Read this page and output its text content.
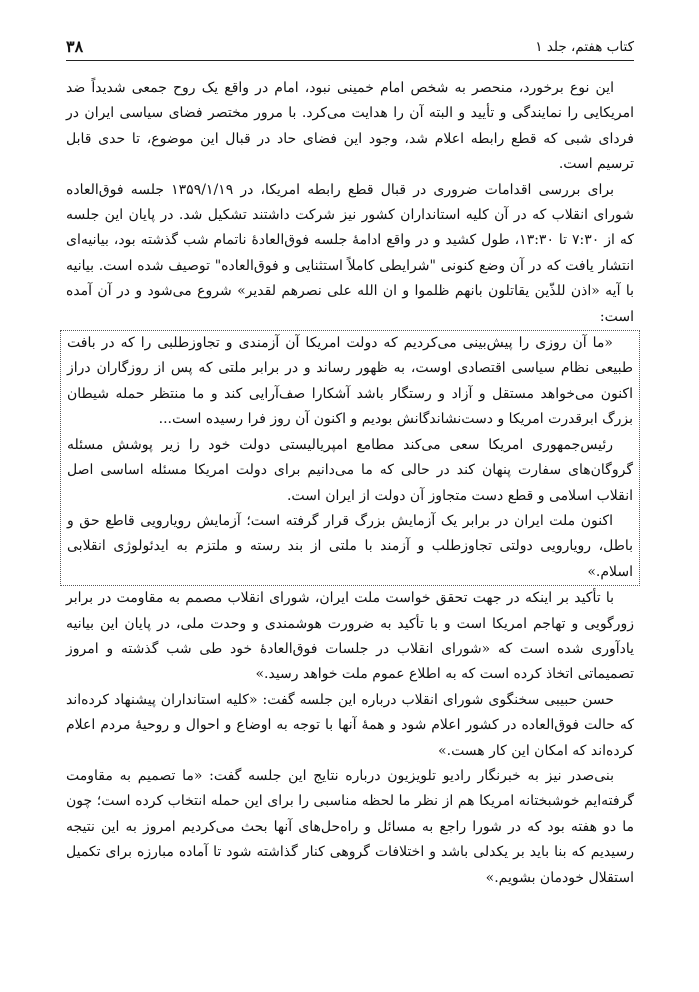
کتاب هفتم، جلد ۱
۳۸

این نوع برخورد، منحصر به شخص امام خمینی نبود، امام در واقع یک روح جمعی شدیداً ضد امریکایی را نمایندگی و تأیید و البته آن را هدایت می‌کرد. با مرور مختصر فضای سیاسی ایران در فردای شبی که قطع رابطه اعلام شد، وجود این فضای حاد در قبال این موضوع، تا حدی قابل ترسیم است.

برای بررسی اقدامات ضروری در قبال قطع رابطه امریکا، در ۱۳۵۹/۱/۱۹ جلسه فوق‌العاده شورای انقلاب که در آن کلیه استانداران کشور نیز شرکت داشتند تشکیل شد. در پایان این جلسه که از ۷:۳۰ تا ۱۳:۳۰، طول کشید و در واقع ادامهٔ جلسه فوق‌العادهٔ ناتمام شب گذشته بود، بیانیه‌ای انتشار یافت که در آن وضع کنونی "شرایطی کاملاً استثنایی و فوق‌العاده" توصیف شده است. بیانیه با آیه «اذن للذّین یقاتلون بانهم ظلموا و ان الله علی نصرهم لقدیر» شروع می‌شود و در آن آمده است:

«ما آن روزی را پیش‌بینی می‌کردیم که دولت امریکا آن آزمندی و تجاوزطلبی را که در بافت طبیعی نظام سیاسی اقتصادی اوست، به ظهور رساند و در برابر ملتی که پس از روزگاران دراز اکنون می‌خواهد مستقل و آزاد و رستگار باشد آشکارا صف‌آرایی کند و ما منتظر حمله شیطان بزرگ ابرقدرت امریکا و دست‌نشاندگانش بودیم و اکنون آن روز فرا رسیده است...

رئیس‌جمهوری امریکا سعی می‌کند مطامع امپریالیستی دولت خود را زیر پوشش مسئله گروگان‌های سفارت پنهان کند در حالی که ما می‌دانیم برای دولت امریکا مسئله اساسی اصل انقلاب اسلامی و قطع دست متجاوز آن دولت از ایران است.

اکنون ملت ایران در برابر یک آزمایش بزرگ قرار گرفته است؛ آزمایش رویارویی قاطع حق و باطل، رویارویی دولتی تجاوزطلب و آزمند با ملتی از بند رسته و ملتزم به ایدئولوژی انقلابی اسلام.»

با تأکید بر اینکه در جهت تحقق خواست ملت ایران، شورای انقلاب مصمم به مقاومت در برابر زورگویی و تهاجم امریکا است و با تأکید به ضرورت هوشمندی و وحدت ملی، در پایان این بیانیه یادآوری شده است که «شورای انقلاب در جلسات فوق‌العادهٔ خود طی شب گذشته و امروز تصمیماتی اتخاذ کرده است که به اطلاع عموم ملت خواهد رسید.»

حسن حبیبی سخنگوی شورای انقلاب درباره این جلسه گفت: «کلیه استانداران پیشنهاد کرده‌اند که حالت فوق‌العاده در کشور اعلام شود و همهٔ آنها با توجه به اوضاع و احوال و روحیهٔ مردم اعلام کرده‌اند که امکان این کار هست.»

بنی‌صدر نیز به خبرنگار رادیو تلویزیون درباره نتایج این جلسه گفت: «ما تصمیم به مقاومت گرفته‌ایم خوشبختانه امریکا هم از نظر ما لحظه مناسبی را برای این حمله انتخاب کرده است؛ چون ما دو هفته بود که در شورا راجع به مسائل و راه‌حل‌های آنها بحث می‌کردیم امروز به این نتیجه رسیدیم که بنا باید بر یکدلی باشد و اختلافات گروهی کنار گذاشته شود تا آماده مبارزه برای تکمیل استقلال خودمان بشویم.»
